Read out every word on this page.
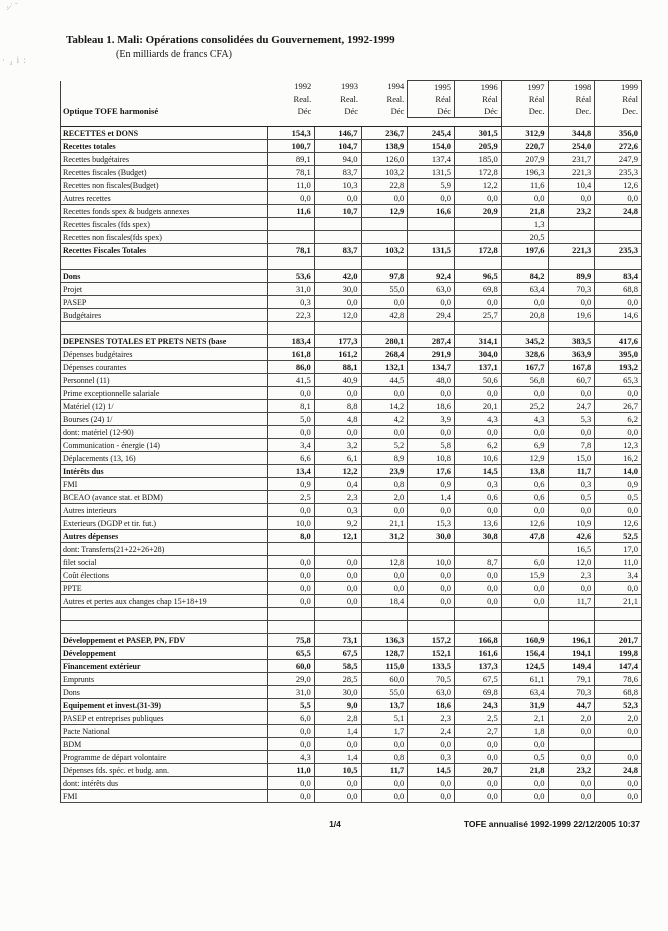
·̷˙ ᷄
· ₄ i :
Tableau 1. Mali: Opérations consolidées du Gouvernement, 1992-1999
(En milliards de francs CFA)
	1992	1993	1994	1995	1996	1997	1998	1999
	Real.	Real.	Real.	Réal	Réal	Réal	Réal	Réal
Optique TOFE harmonisé	Déc	Déc	Déc	Déc	Déc	Dec.	Dec.	Dec.

RECETTES et DONS	154,3	146,7	236,7	245,4	301,5	312,9	344,8	356,0
Recettes totales	100,7	104,7	138,9	154,0	205,9	220,7	254,0	272,6
Recettes budgétaires	89,1	94,0	126,0	137,4	185,0	207,9	231,7	247,9
Recettes fiscales (Budget)	78,1	83,7	103,2	131,5	172,8	196,3	221,3	235,3
Recettes non fiscales(Budget)	11,0	10,3	22,8	5,9	12,2	11,6	10,4	12,6
Autres recettes	0,0	0,0	0,0	0,0	0,0	0,0	0,0	0,0
Recettes fonds spex & budgets annexes	11,6	10,7	12,9	16,6	20,9	21,8	23,2	24,8
Recettes fiscales (fds spex)						1,3		
Recettes non fiscales(fds spex)						20,5		
Recettes Fiscales Totales	78,1	83,7	103,2	131,5	172,8	197,6	221,3	235,3

Dons	53,6	42,0	97,8	92,4	96,5	84,2	89,9	83,4
Projet	31,0	30,0	55,0	63,0	69,8	63,4	70,3	68,8
PASEP	0,3	0,0	0,0	0,0	0,0	0,0	0,0	0,0
Budgétaires	22,3	12,0	42,8	29,4	25,7	20,8	19,6	14,6

DEPENSES TOTALES ET PRETS NETS (base	183,4	177,3	280,1	287,4	314,1	345,2	383,5	417,6
Dépenses budgétaires	161,8	161,2	268,4	291,9	304,0	328,6	363,9	395,0
Dépenses courantes	86,0	88,1	132,1	134,7	137,1	167,7	167,8	193,2
Personnel (11)	41,5	40,9	44,5	48,0	50,6	56,8	60,7	65,3
Prime exceptionnelle salariale	0,0	0,0	0,0	0,0	0,0	0,0	0,0	0,0
Matériel (12) 1/	8,1	8,8	14,2	18,6	20,1	25,2	24,7	26,7
Bourses (24) 1/	5,0	4,8	4,2	3,9	4,3	4,3	5,3	6,2
dont: matériel (12-90)	0,0	0,0	0,0	0,0	0,0	0,0	0,0	0,0
Communication - énergie (14)	3,4	3,2	5,2	5,8	6,2	6,9	7,8	12,3
Déplacements (13, 16)	6,6	6,1	8,9	10,8	10,6	12,9	15,0	16,2
Intérêts dus	13,4	12,2	23,9	17,6	14,5	13,8	11,7	14,0
FMI	0,9	0,4	0,8	0,9	0,3	0,6	0,3	0,9
BCEAO (avance stat. et BDM)	2,5	2,3	2,0	1,4	0,6	0,6	0,5	0,5
Autres interieurs	0,0	0,3	0,0	0,0	0,0	0,0	0,0	0,0
Exterieurs (DGDP et tir. fut.)	10,0	9,2	21,1	15,3	13,6	12,6	10,9	12,6
Autres dépenses	8,0	12,1	31,2	30,0	30,8	47,8	42,6	52,5
dont: Transferts(21+22+26+28)							16,5	17,0
filet social	0,0	0,0	12,8	10,0	8,7	6,0	12,0	11,0
Coût élections	0,0	0,0	0,0	0,0	0,0	15,9	2,3	3,4
PPTE	0,0	0,0	0,0	0,0	0,0	0,0	0,0	0,0
Autres et pertes aux changes chap 15+18+19	0,0	0,0	18,4	0,0	0,0	0,0	11,7	21,1

Développement et PASEP, PN, FDV	75,8	73,1	136,3	157,2	166,8	160,9	196,1	201,7
Développement	65,5	67,5	128,7	152,1	161,6	156,4	194,1	199,8
Financement extérieur	60,0	58,5	115,0	133,5	137,3	124,5	149,4	147,4
Emprunts	29,0	28,5	60,0	70,5	67,5	61,1	79,1	78,6
Dons	31,0	30,0	55,0	63,0	69,8	63,4	70,3	68,8
Equipement et invest.(31-39)	5,5	9,0	13,7	18,6	24,3	31,9	44,7	52,3
PASEP et entreprises publiques	6,0	2,8	5,1	2,3	2,5	2,1	2,0	2,0
Pacte National	0,0	1,4	1,7	2,4	2,7	1,8	0,0	0,0
BDM	0,0	0,0	0,0	0,0	0,0	0,0		
Programme de départ volontaire	4,3	1,4	0,8	0,3	0,0	0,5	0,0	0,0
Dépenses fds. spéc. et budg. ann.	11,0	10,5	11,7	14,5	20,7	21,8	23,2	24,8
dont: intérêts dus	0,0	0,0	0,0	0,0	0,0	0,0	0,0	0,0
FMI	0,0	0,0	0,0	0,0	0,0	0,0	0,0	0,0
1/4	TOFE annualisé 1992-1999 22/12/2005 10:37
